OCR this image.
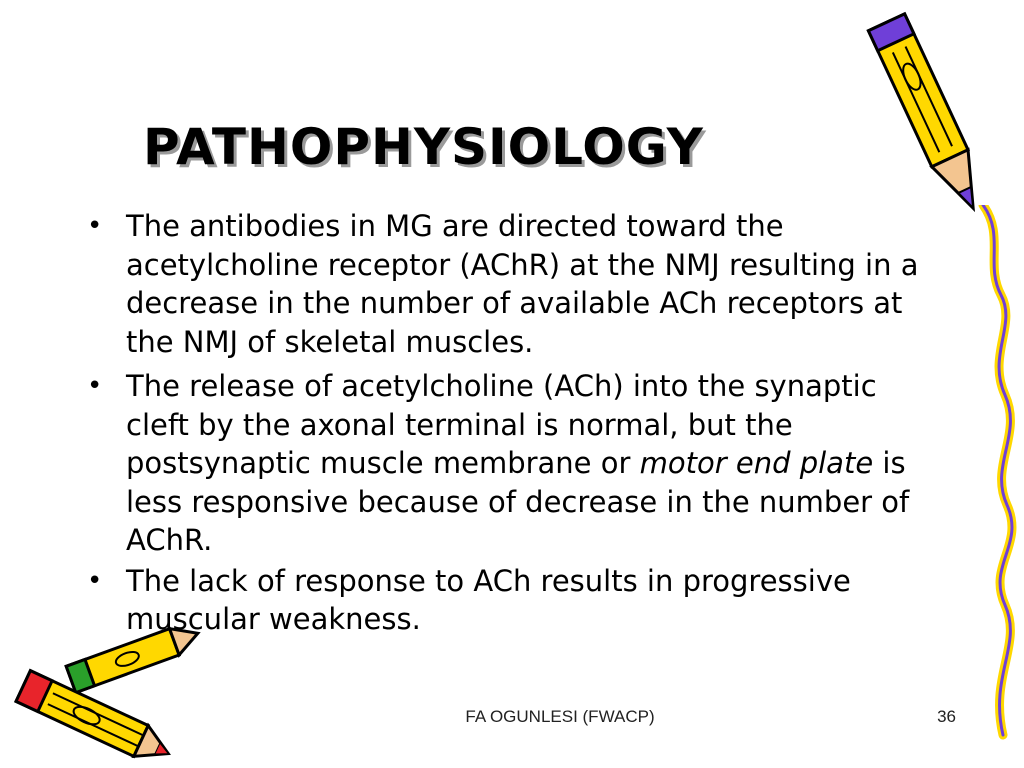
PATHOPHYSIOLOGY
• The antibodies in MG are directed toward the acetylcholine receptor (AChR) at the NMJ resulting in a decrease in the number of available ACh receptors at the NMJ of skeletal muscles.
• The release of acetylcholine (ACh) into the synaptic cleft by the axonal terminal is normal, but the postsynaptic muscle membrane or motor end plate is less responsive because of decrease in the number of AChR.
• The lack of response to ACh results in progressive muscular weakness.
FA OGUNLESI (FWACP)	36
